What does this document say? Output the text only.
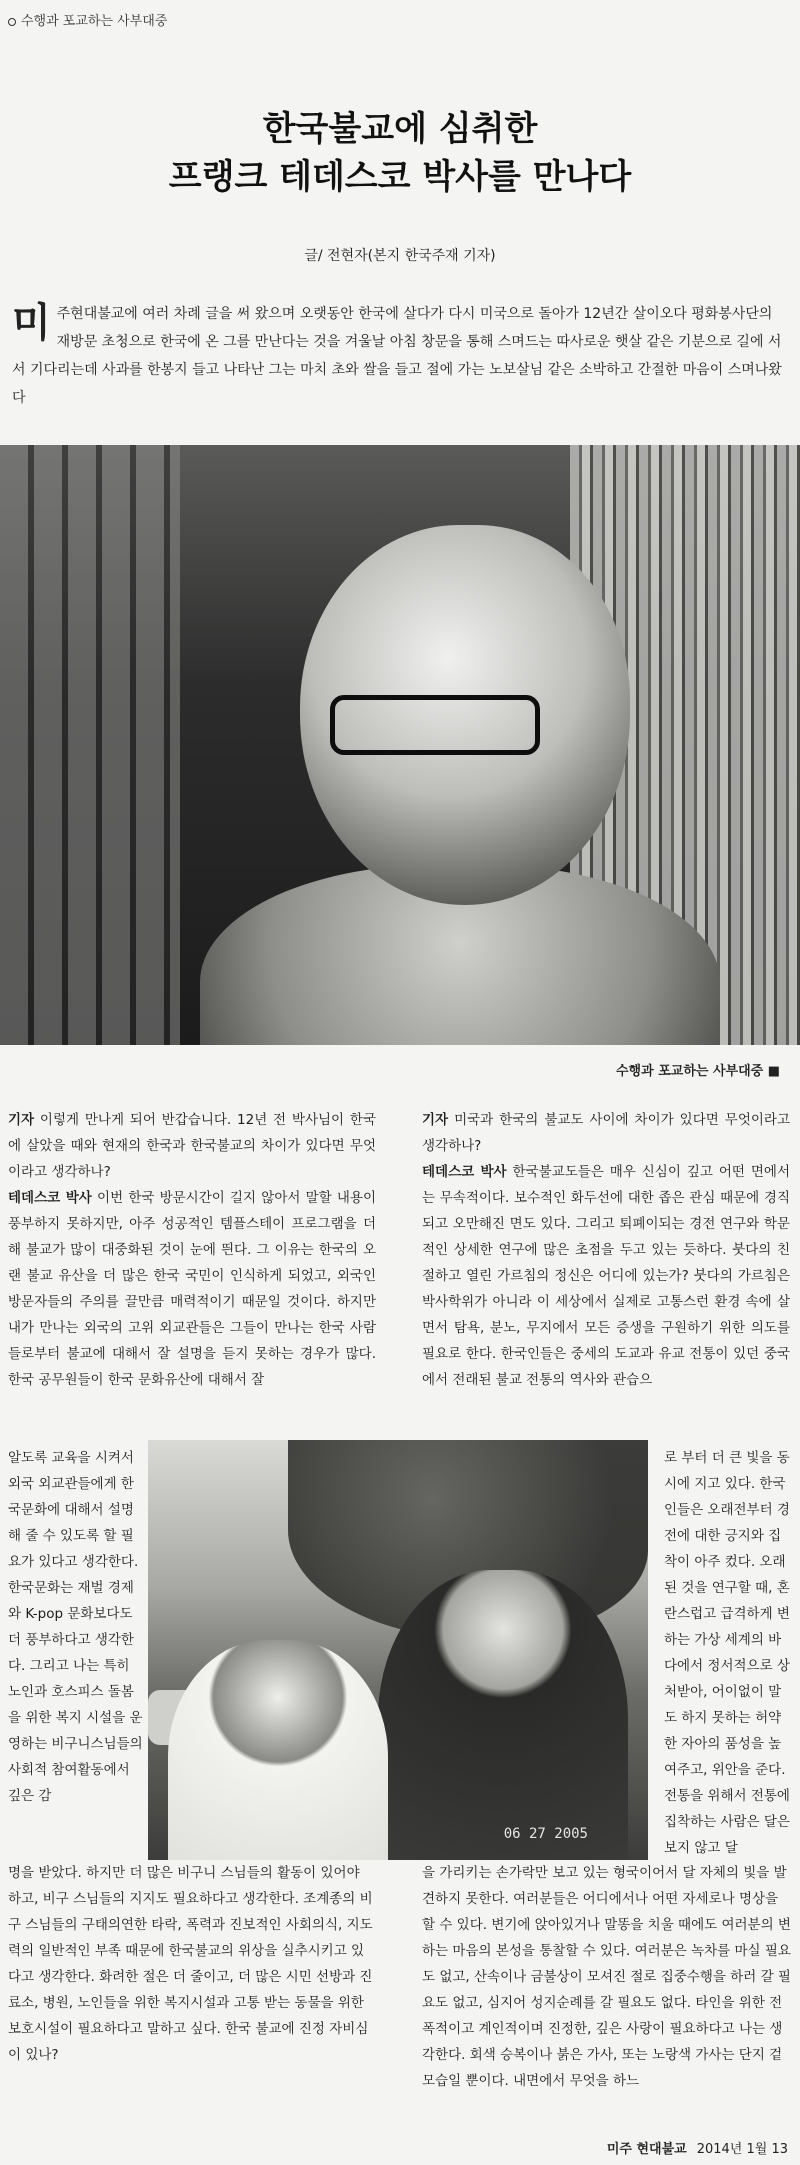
수행과 포교하는 사부대중
한국불교에 심취한
프랭크 테데스코 박사를 만나다
글/ 전현자(본지 한국주재 기자)
미 주현대불교에 여러 차례 글을 써 왔으며 오랫동안 한국에 살다가 다시 미국으로 돌아가 12년간 살이오다 평화봉사단의 재방문 초청으로 한국에 온 그를 만난다는 것을 겨울날 아침 창문을 통해 스며드는 따사로운 햇살 같은 기분으로 길에 서서 기다리는데 사과를 한봉지 들고 나타난 그는 마치 초와 쌀을 들고 절에 가는 노보살님 같은 소박하고 간절한 마음이 스며나왔다
수행과 포교하는 사부대중 ■

기자 이렇게 만나게 되어 반갑습니다. 12년 전 박사님이 한국에 살았을 때와 현재의 한국과 한국불교의 차이가 있다면 무엇이라고 생각하나?

테데스코 박사 이번 한국 방문시간이 길지 않아서 말할 내용이 풍부하지 못하지만, 아주 성공적인 템플스테이 프로그램을 더해 불교가 많이 대중화된 것이 눈에 띈다. 그 이유는 한국의 오랜 불교 유산을 더 많은 한국 국민이 인식하게 되었고, 외국인 방문자들의 주의를 끌만큼 매력적이기 때문일 것이다. 하지만 내가 만나는 외국의 고위 외교관들은 그들이 만나는 한국 사람들로부터 불교에 대해서 잘 설명을 듣지 못하는 경우가 많다. 한국 공무원들이 한국 문화유산에 대해서 잘

기자 미국과 한국의 불교도 사이에 차이가 있다면 무엇이라고 생각하나?

테데스코 박사 한국불교도들은 매우 신심이 깊고 어떤 면에서는 무속적이다. 보수적인 화두선에 대한 좁은 관심 때문에 경직되고 오만해진 면도 있다. 그리고 퇴폐이되는 경전 연구와 학문적인 상세한 연구에 많은 초점을 두고 있는 듯하다. 붓다의 친절하고 열린 가르침의 정신은 어디에 있는가? 붓다의 가르침은 박사학위가 아니라 이 세상에서 실제로 고통스런 환경 속에 살면서 탐욕, 분노, 무지에서 모든 증생을 구원하기 위한 의도를 필요로 한다. 한국인들은 중세의 도교과 유교 전통이 있던 중국에서 전래된 불교 전통의 역사와 관습으

알도록 교육을 시켜서 외국 외교관들에게 한국문화에 대해서 설명해 줄 수 있도록 할 필요가 있다고 생각한다. 한국문화는 재벌 경제와 K-pop 문화보다도 더 풍부하다고 생각한다. 그리고 나는 특히 노인과 호스피스 돌봄을 위한 복지 시설을 운영하는 비구니스님들의 사회적 참여활동에서 깊은 감
06 27 2005
로 부터 더 큰 빛을 동시에 지고 있다. 한국인들은 오래전부터 경전에 대한 긍지와 집착이 아주 컸다. 오래된 것을 연구할 때, 혼란스럽고 급격하게 변하는 가상 세계의 바다에서 정서적으로 상처받아, 어이없이 말도 하지 못하는 허약한 자아의 품성을 높여주고, 위안을 준다. 전통을 위해서 전통에 집착하는 사람은 달은 보지 않고 달
명을 받았다. 하지만 더 많은 비구니 스님들의 활동이 있어야 하고, 비구 스님들의 지지도 필요하다고 생각한다. 조계종의 비구 스님들의 구태의연한 타락, 폭력과 진보적인 사회의식, 지도력의 일반적인 부족 때문에 한국불교의 위상을 실추시키고 있다고 생각한다. 화려한 절은 더 줄이고, 더 많은 시민 선방과 진료소, 병원, 노인들을 위한 복지시설과 고통 받는 동물을 위한 보호시설이 필요하다고 말하고 싶다. 한국 불교에 진정 자비심이 있나?
을 가리키는 손가락만 보고 있는 형국이어서 달 자체의 빛을 발견하지 못한다. 여러분들은 어디에서나 어떤 자세로나 명상을 할 수 있다. 변기에 앉아있거나 말똥을 치울 때에도 여러분의 변하는 마음의 본성을 통찰할 수 있다. 여러분은 녹차를 마실 필요도 없고, 산속이나 금불상이 모셔진 절로 집중수행을 하러 갈 필요도 없고, 심지어 성지순례를 갈 필요도 없다. 타인을 위한 전폭적이고 계인적이며 진정한, 깊은 사랑이 필요하다고 나는 생각한다. 회색 승복이나 붉은 가사, 또는 노랑색 가사는 단지 겉 모습일 뿐이다. 내면에서 무엇을 하느
미주 현대불교 2014년 1월 13
